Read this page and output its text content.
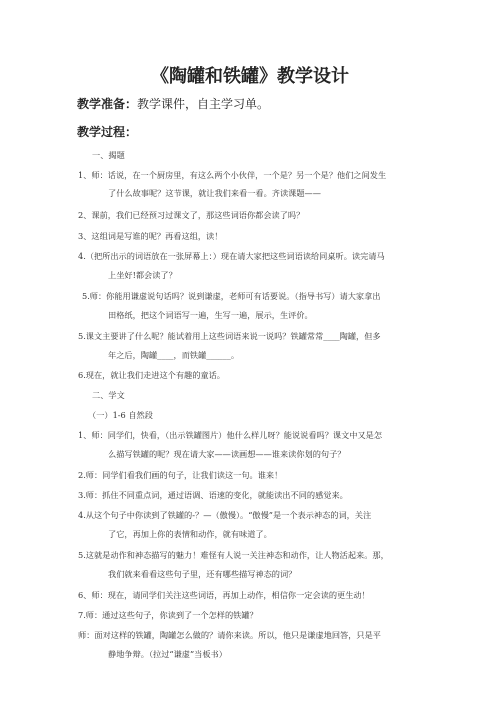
《陶罐和铁罐》教学设计
教学准备：教学课件，自主学习单。
教学过程：
一、揭题
1、师：话说，在一个厨房里，有这么两个小伙伴，一个是？另一个是？他们之间发生
了什么故事呢？这节课，就让我们来看一看。齐读课题——
2、课前，我们已经预习过课文了，那这些词语你都会读了吗？
3、这组词是写谁的呢？再看这组，读！
4.（把所出示的词语放在一张屏幕上：）现在请大家把这些词语读给同桌听。读完请马
上坐好!都会读了？
5.师：你能用谦虚说句话吗？说到谦虚，老师可有话要说。（指导书写）请大家拿出
田格纸，把这个词语写一遍，生写一遍，展示，生评价。
5.课文主要讲了什么呢？能试着用上这些词语来说一说吗？铁罐常常____陶罐，但多
年之后，陶罐____，而铁罐______。
6.现在，就让我们走进这个有趣的童话。
二、学文
（一）1-6 自然段
1、师：同学们，快看，（出示铁罐图片）他什么样儿呀？能说说看吗？课文中又是怎
么描写铁罐的呢？现在请大家——读画想——谁来读你划的句子？
2.师：同学们看我们画的句子，让我们读这一句。谁来！
3.师：抓住不同重点词，通过语调、语速的变化，就能读出不同的感觉来。
4.从这个句子中你读到了铁罐的-？—（傲慢）。“傲慢”是一个表示神态的词，关注
了它，再加上你的表情和动作，就有味道了。
5.这就是动作和神态描写的魅力！难怪有人说一关注神态和动作，让人物活起来。那，
我们就来看看这些句子里，还有哪些描写神态的词？
6、师：现在，请同学们关注这些词语，再加上动作，相信你一定会读的更生动！
7.师：通过这些句子，你读到了一个怎样的铁罐？
师：面对这样的铁罐，陶罐怎么做的？请你来读。所以，他只是谦虚地回答，只是平
静地争辩。（拉过“谦虚”当板书）
